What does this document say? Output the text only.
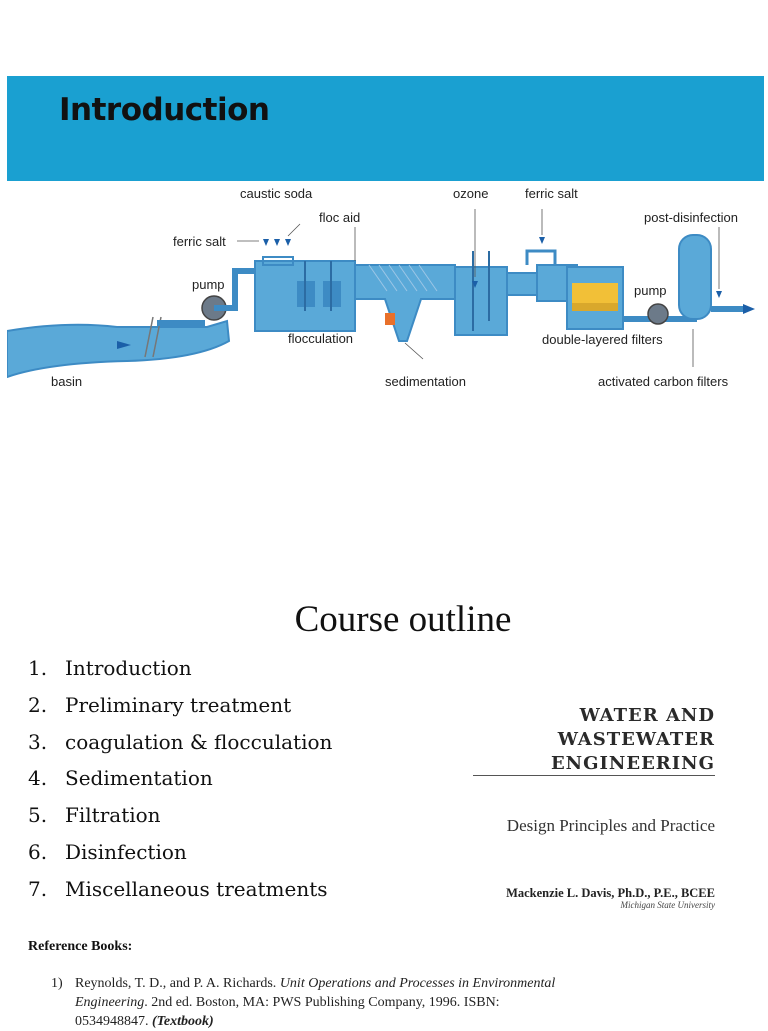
Introduction
caustic soda
floc aid
ferric salt
ozone	ferric salt
post-disinfection
pump	pump
flocculation	double-layered filters
basin	sedimentation	activated carbon filters
Course outline
1. Introduction
2. Preliminary treatment
3. coagulation & flocculation
4. Sedimentation
5. Filtration
6. Disinfection
7. Miscellaneous treatments
WATER AND
WASTEWATER
ENGINEERING
Design Principles and Practice
Mackenzie L. Davis, Ph.D., P.E., BCEE
Michigan State University
Reference Books:
1) Reynolds, T. D., and P. A. Richards. Unit Operations and Processes in Environmental Engineering. 2nd ed. Boston, MA: PWS Publishing Company, 1996. ISBN: 0534948847. (Textbook)
